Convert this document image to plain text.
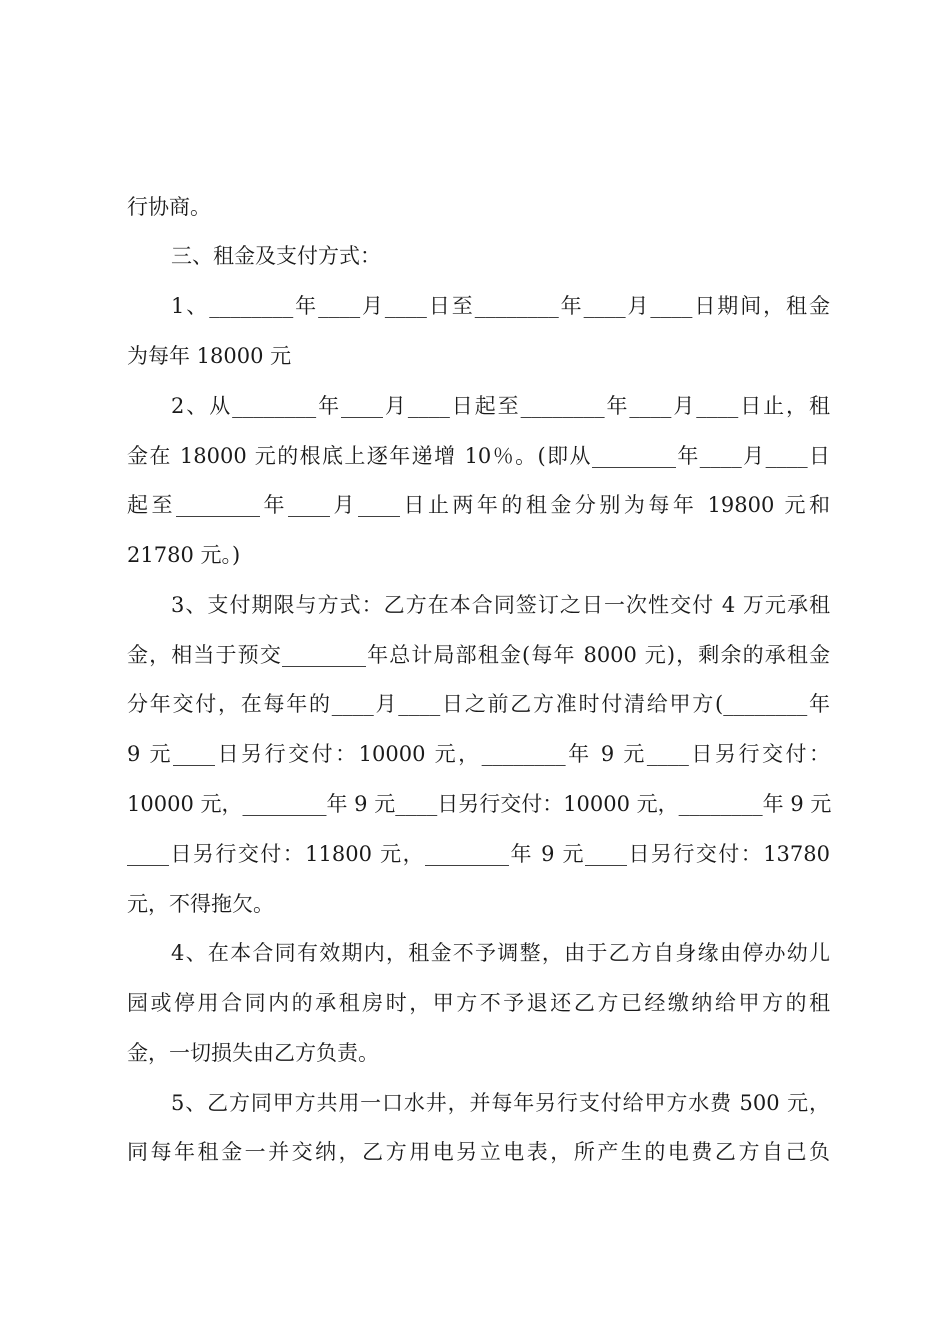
行协商。
三、租金及支付方式：
1、________年____月____日至________年____月____日期间，租金
为每年 18000 元
2、从________年____月____日起至________年____月____日止，租
金在 18000 元的根底上逐年递增 10％。(即从________年____月____日
起至________年____月____日止两年的租金分别为每年 19800 元和
21780 元。)
3、支付期限与方式：乙方在本合同签订之日一次性交付 4 万元承租
金，相当于预交________年总计局部租金(每年 8000 元)，剩余的承租金
分年交付，在每年的____月____日之前乙方准时付清给甲方(________年
9 元____日另行交付：10000 元，________年 9 元____日另行交付：
10000 元，________年 9 元____日另行交付：10000 元，________年 9 元
____日另行交付：11800 元，________年 9 元____日另行交付：13780
元，不得拖欠。
4、在本合同有效期内，租金不予调整，由于乙方自身缘由停办幼儿
园或停用合同内的承租房时，甲方不予退还乙方已经缴纳给甲方的租
金，一切损失由乙方负责。
5、乙方同甲方共用一口水井，并每年另行支付给甲方水费 500 元，
同每年租金一并交纳，乙方用电另立电表，所产生的电费乙方自己负
